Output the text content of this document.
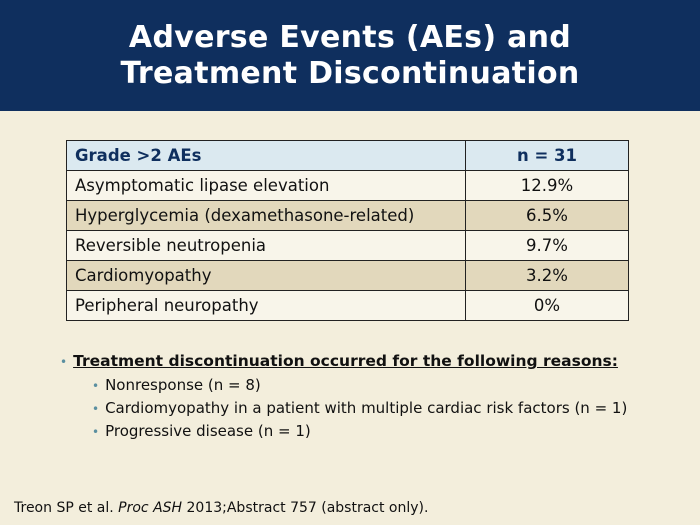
Adverse Events (AEs) and
Treatment Discontinuation
Grade >2 AEs	n = 31
Asymptomatic lipase elevation	12.9%
Hyperglycemia (dexamethasone-related)	6.5%
Reversible neutropenia	9.7%
Cardiomyopathy	3.2%
Peripheral neuropathy	0%
• Treatment discontinuation occurred for the following reasons:
• Nonresponse (n = 8)
• Cardiomyopathy in a patient with multiple cardiac risk factors (n = 1)
• Progressive disease (n = 1)
Treon SP et al. Proc ASH 2013;Abstract 757 (abstract only).
